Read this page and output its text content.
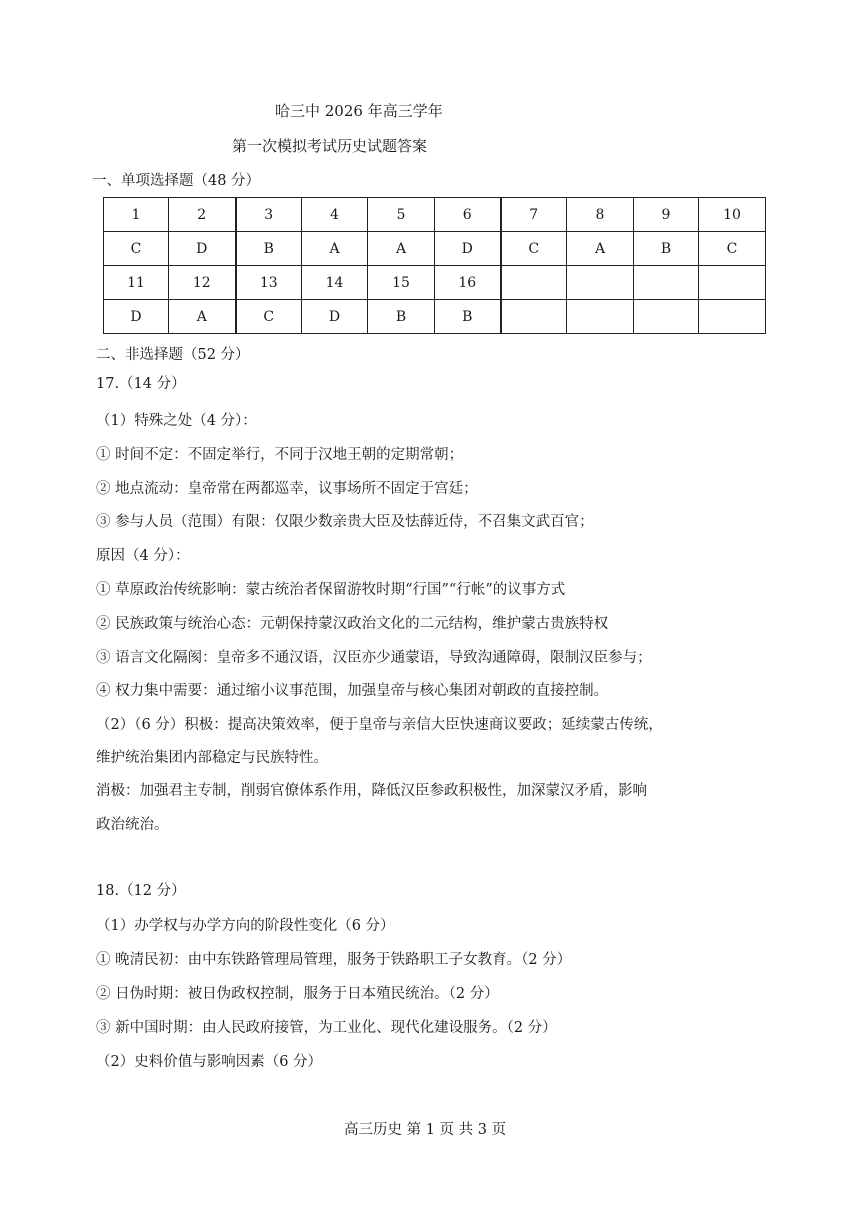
哈三中 2026 年高三学年
第一次模拟考试历史试题答案
一、单项选择题（48 分）
1	2	3	4	5	6	7	8	9	10
C	D	B	A	A	D	C	A	B	C
11	12	13	14	15	16				
D	A	C	D	B	B				
二、非选择题（52 分）
17.（14 分）
（1）特殊之处（4 分）：
① 时间不定：不固定举行，不同于汉地王朝的定期常朝；
② 地点流动：皇帝常在两都巡幸，议事场所不固定于宫廷；
③ 参与人员（范围）有限：仅限少数亲贵大臣及怯薛近侍，不召集文武百官；
原因（4 分）：
① 草原政治传统影响：蒙古统治者保留游牧时期“行国”“行帐”的议事方式
② 民族政策与统治心态：元朝保持蒙汉政治文化的二元结构，维护蒙古贵族特权
③ 语言文化隔阂：皇帝多不通汉语，汉臣亦少通蒙语，导致沟通障碍，限制汉臣参与；
④ 权力集中需要：通过缩小议事范围，加强皇帝与核心集团对朝政的直接控制。
（2）（6 分）积极：提高决策效率，便于皇帝与亲信大臣快速商议要政；延续蒙古传统，
维护统治集团内部稳定与民族特性。
消极：加强君主专制，削弱官僚体系作用，降低汉臣参政积极性，加深蒙汉矛盾，影响
政治统治。
18.（12 分）
（1）办学权与办学方向的阶段性变化（6 分）
① 晚清民初：由中东铁路管理局管理，服务于铁路职工子女教育。（2 分）
② 日伪时期：被日伪政权控制，服务于日本殖民统治。（2 分）
③ 新中国时期：由人民政府接管，为工业化、现代化建设服务。（2 分）
（2）史料价值与影响因素（6 分）
高三历史 第 1 页 共 3 页
